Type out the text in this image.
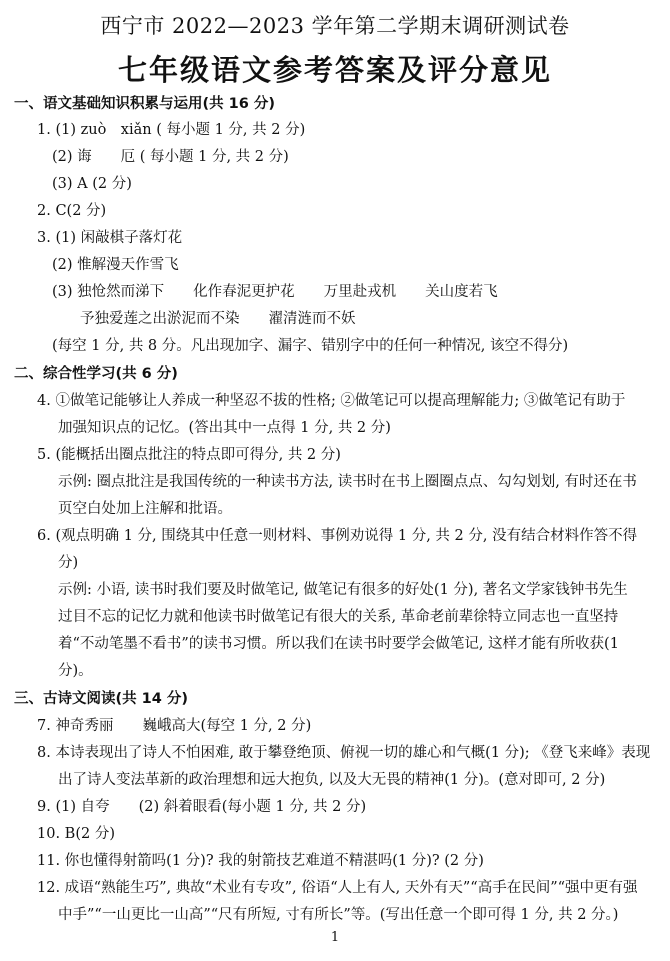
西宁市 2022—2023 学年第二学期末调研测试卷
七年级语文参考答案及评分意见
一、语文基础知识积累与运用(共 16 分)
1. (1) zuò　xiǎn ( 每小题 1 分, 共 2 分)
(2) 诲　　厄 ( 每小题 1 分, 共 2 分)
(3) A (2 分)
2. C(2 分)
3. (1) 闲敲棋子落灯花
(2) 惟解漫天作雪飞
(3) 独怆然而涕下　　化作春泥更护花　　万里赴戎机　　关山度若飞
予独爱莲之出淤泥而不染　　濯清涟而不妖
(每空 1 分, 共 8 分。凡出现加字、漏字、错别字中的任何一种情况, 该空不得分)
二、综合性学习(共 6 分)
4. ①做笔记能够让人养成一种坚忍不拔的性格; ②做笔记可以提高理解能力; ③做笔记有助于
加强知识点的记忆。(答出其中一点得 1 分, 共 2 分)
5. (能概括出圈点批注的特点即可得分, 共 2 分)
示例: 圈点批注是我国传统的一种读书方法, 读书时在书上圈圈点点、勾勾划划, 有时还在书
页空白处加上注解和批语。
6. (观点明确 1 分, 围绕其中任意一则材料、事例劝说得 1 分, 共 2 分, 没有结合材料作答不得
分)
示例: 小语, 读书时我们要及时做笔记, 做笔记有很多的好处(1 分), 著名文学家钱钟书先生
过目不忘的记忆力就和他读书时做笔记有很大的关系, 革命老前辈徐特立同志也一直坚持
着“不动笔墨不看书”的读书习惯。所以我们在读书时要学会做笔记, 这样才能有所收获(1
分)。
三、古诗文阅读(共 14 分)
7. 神奇秀丽　　巍峨高大(每空 1 分, 2 分)
8. 本诗表现出了诗人不怕困难, 敢于攀登绝顶、俯视一切的雄心和气概(1 分); 《登飞来峰》表现
出了诗人变法革新的政治理想和远大抱负, 以及大无畏的精神(1 分)。(意对即可, 2 分)
9. (1) 自夸　　(2) 斜着眼看(每小题 1 分, 共 2 分)
10. B(2 分)
11. 你也懂得射箭吗(1 分)? 我的射箭技艺难道不精湛吗(1 分)? (2 分)
12. 成语“熟能生巧”, 典故“术业有专攻”, 俗语“人上有人, 天外有天”“高手在民间”“强中更有强
中手”“一山更比一山高”“尺有所短, 寸有所长”等。(写出任意一个即可得 1 分, 共 2 分。)
1
